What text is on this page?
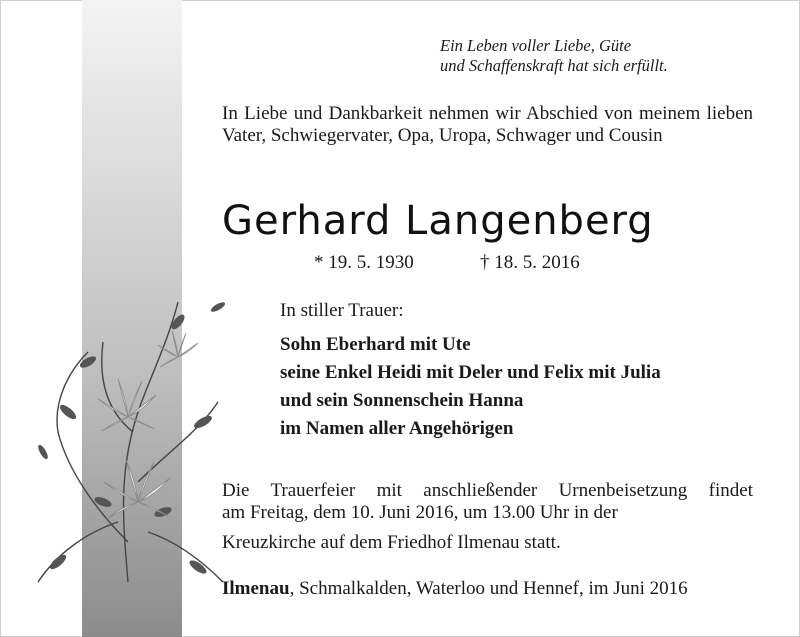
Ein Leben voller Liebe, Güte
und Schaffenskraft hat sich erfüllt.

In Liebe und Dankbarkeit nehmen wir Abschied von meinem lieben Vater, Schwiegervater, Opa, Uropa, Schwager und Cousin

Gerhard Langenberg
* 19. 5. 1930	† 18. 5. 2016
In stiller Trauer:
Sohn Eberhard mit Ute
seine Enkel Heidi mit Deler und Felix mit Julia
und sein Sonnenschein Hanna
im Namen aller Angehörigen

Die Trauerfeier mit anschließender Urnenbeisetzung findet
am Freitag, dem 10. Juni 2016, um 13.00 Uhr in der
Kreuzkirche auf dem Friedhof Ilmenau statt.

Ilmenau, Schmalkalden, Waterloo und Hennef, im Juni 2016
